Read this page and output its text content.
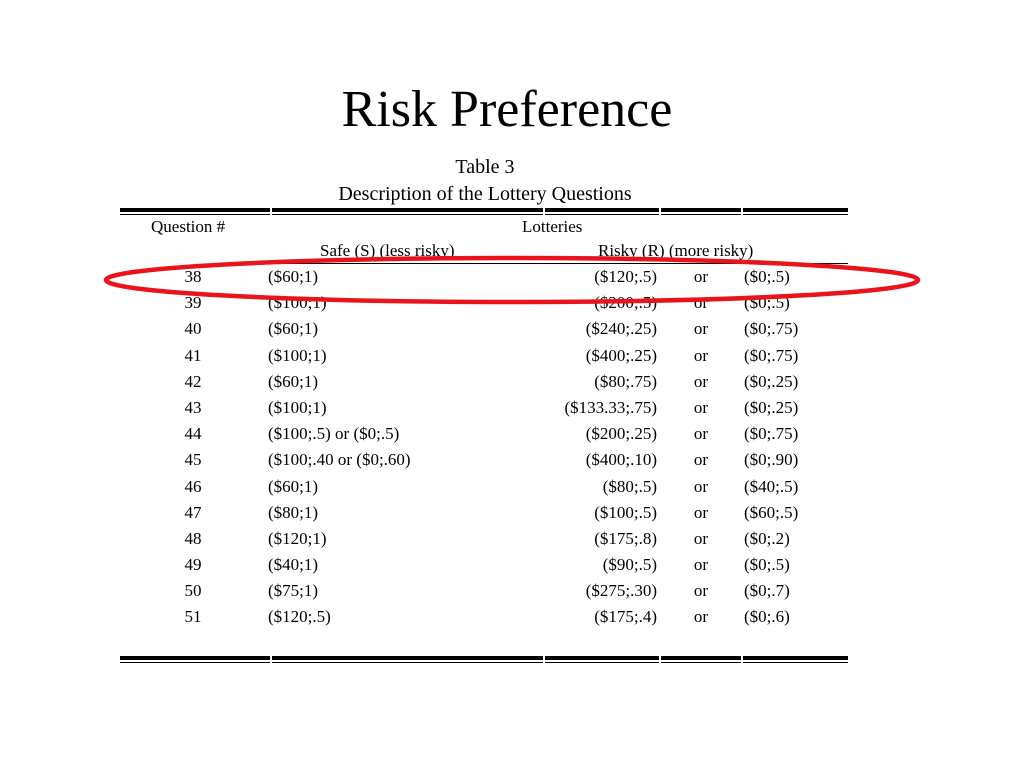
Risk Preference
Table 3
Description of the Lottery Questions
Question #	Lotteries
Safe (S) (less risky)	Risky (R) (more risky)
38	($60;1)	($120;.5)	or	($0;.5)
39	($100;1)	($200;.5)	or	($0;.5)
40	($60;1)	($240;.25)	or	($0;.75)
41	($100;1)	($400;.25)	or	($0;.75)
42	($60;1)	($80;.75)	or	($0;.25)
43	($100;1)	($133.33;.75)	or	($0;.25)
44	($100;.5) or ($0;.5)	($200;.25)	or	($0;.75)
45	($100;.40 or ($0;.60)	($400;.10)	or	($0;.90)
46	($60;1)	($80;.5)	or	($40;.5)
47	($80;1)	($100;.5)	or	($60;.5)
48	($120;1)	($175;.8)	or	($0;.2)
49	($40;1)	($90;.5)	or	($0;.5)
50	($75;1)	($275;.30)	or	($0;.7)
51	($120;.5)	($175;.4)	or	($0;.6)
